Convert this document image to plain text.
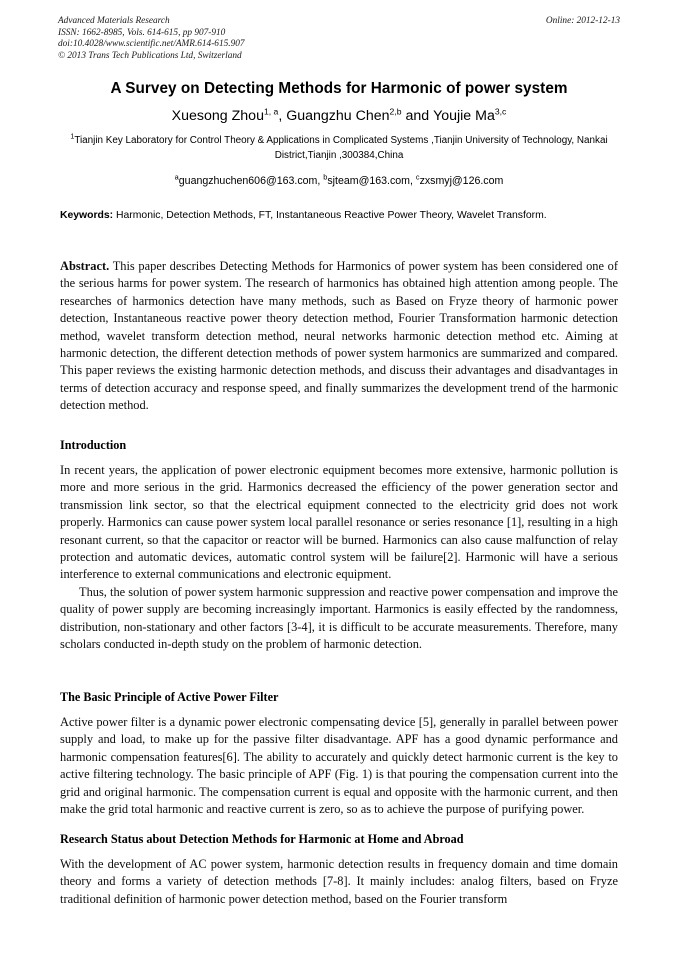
Advanced Materials Research	Online: 2012-12-13
ISSN: 1662-8985, Vols. 614-615, pp 907-910
doi:10.4028/www.scientific.net/AMR.614-615.907
© 2013 Trans Tech Publications Ltd, Switzerland
A Survey on Detecting Methods for Harmonic of power system
Xuesong Zhou$^{1, a}$, Guangzhu Chen$^{2,b}$ and Youjie Ma$^{3,c}$
$^1$Tianjin Key Laboratory for Control Theory & Applications in Complicated Systems ,Tianjin University of Technology, Nankai District,Tianjin ,300384,China
$^a$guangzhuchen606@163.com, $^b$sjteam@163.com, $^c$zxsmyj@126.com
Keywords: Harmonic, Detection Methods, FT, Instantaneous Reactive Power Theory, Wavelet Transform.
Abstract. This paper describes Detecting Methods for Harmonics of power system has been considered one of the serious harms for power system. The research of harmonics has obtained high attention among people. The researches of harmonics detection have many methods, such as Based on Fryze theory of harmonic power detection, Instantaneous reactive power theory detection method, Fourier Transformation harmonic detection method, wavelet transform detection method, neural networks harmonic detection method etc. Aiming at harmonic detection, the different detection methods of power system harmonics are summarized and compared. This paper reviews the existing harmonic detection methods, and discuss their advantages and disadvantages in terms of detection accuracy and response speed, and finally summarizes the development trend of the harmonic detection method.
Introduction

In recent years, the application of power electronic equipment becomes more extensive, harmonic pollution is more and more serious in the grid. Harmonics decreased the efficiency of the power generation sector and transmission link sector, so that the electrical equipment connected to the electricity grid does not work properly. Harmonics can cause power system local parallel resonance or series resonance [1], resulting in a high resonant current, so that the capacitor or reactor will be burned. Harmonics can also cause malfunction of relay protection and automatic devices, automatic control system will be failure[2]. Harmonic will have a serious interference to external communications and electronic equipment.

Thus, the solution of power system harmonic suppression and reactive power compensation and improve the quality of power supply are becoming increasingly important. Harmonics is easily effected by the randomness, distribution, non-stationary and other factors [3-4], it is difficult to be accurate measurements. Therefore, many scholars conducted in-depth study on the problem of harmonic detection.

The Basic Principle of Active Power Filter

Active power filter is a dynamic power electronic compensating device [5], generally in parallel between power supply and load, to make up for the passive filter disadvantage. APF has a good dynamic performance and harmonic compensation features[6]. The ability to accurately and quickly detect harmonic current is the key to active filtering technology. The basic principle of APF (Fig. 1) is that pouring the compensation current into the grid and original harmonic. The compensation current is equal and opposite with the harmonic current, and then make the grid total harmonic and reactive current is zero, so as to achieve the purpose of purifying power.

Research Status about Detection Methods for Harmonic at Home and Abroad

With the development of AC power system, harmonic detection results in frequency domain and time domain theory and forms a variety of detection methods [7-8]. It mainly includes: analog filters, based on Fryze traditional definition of harmonic power detection method, based on the Fourier transform
